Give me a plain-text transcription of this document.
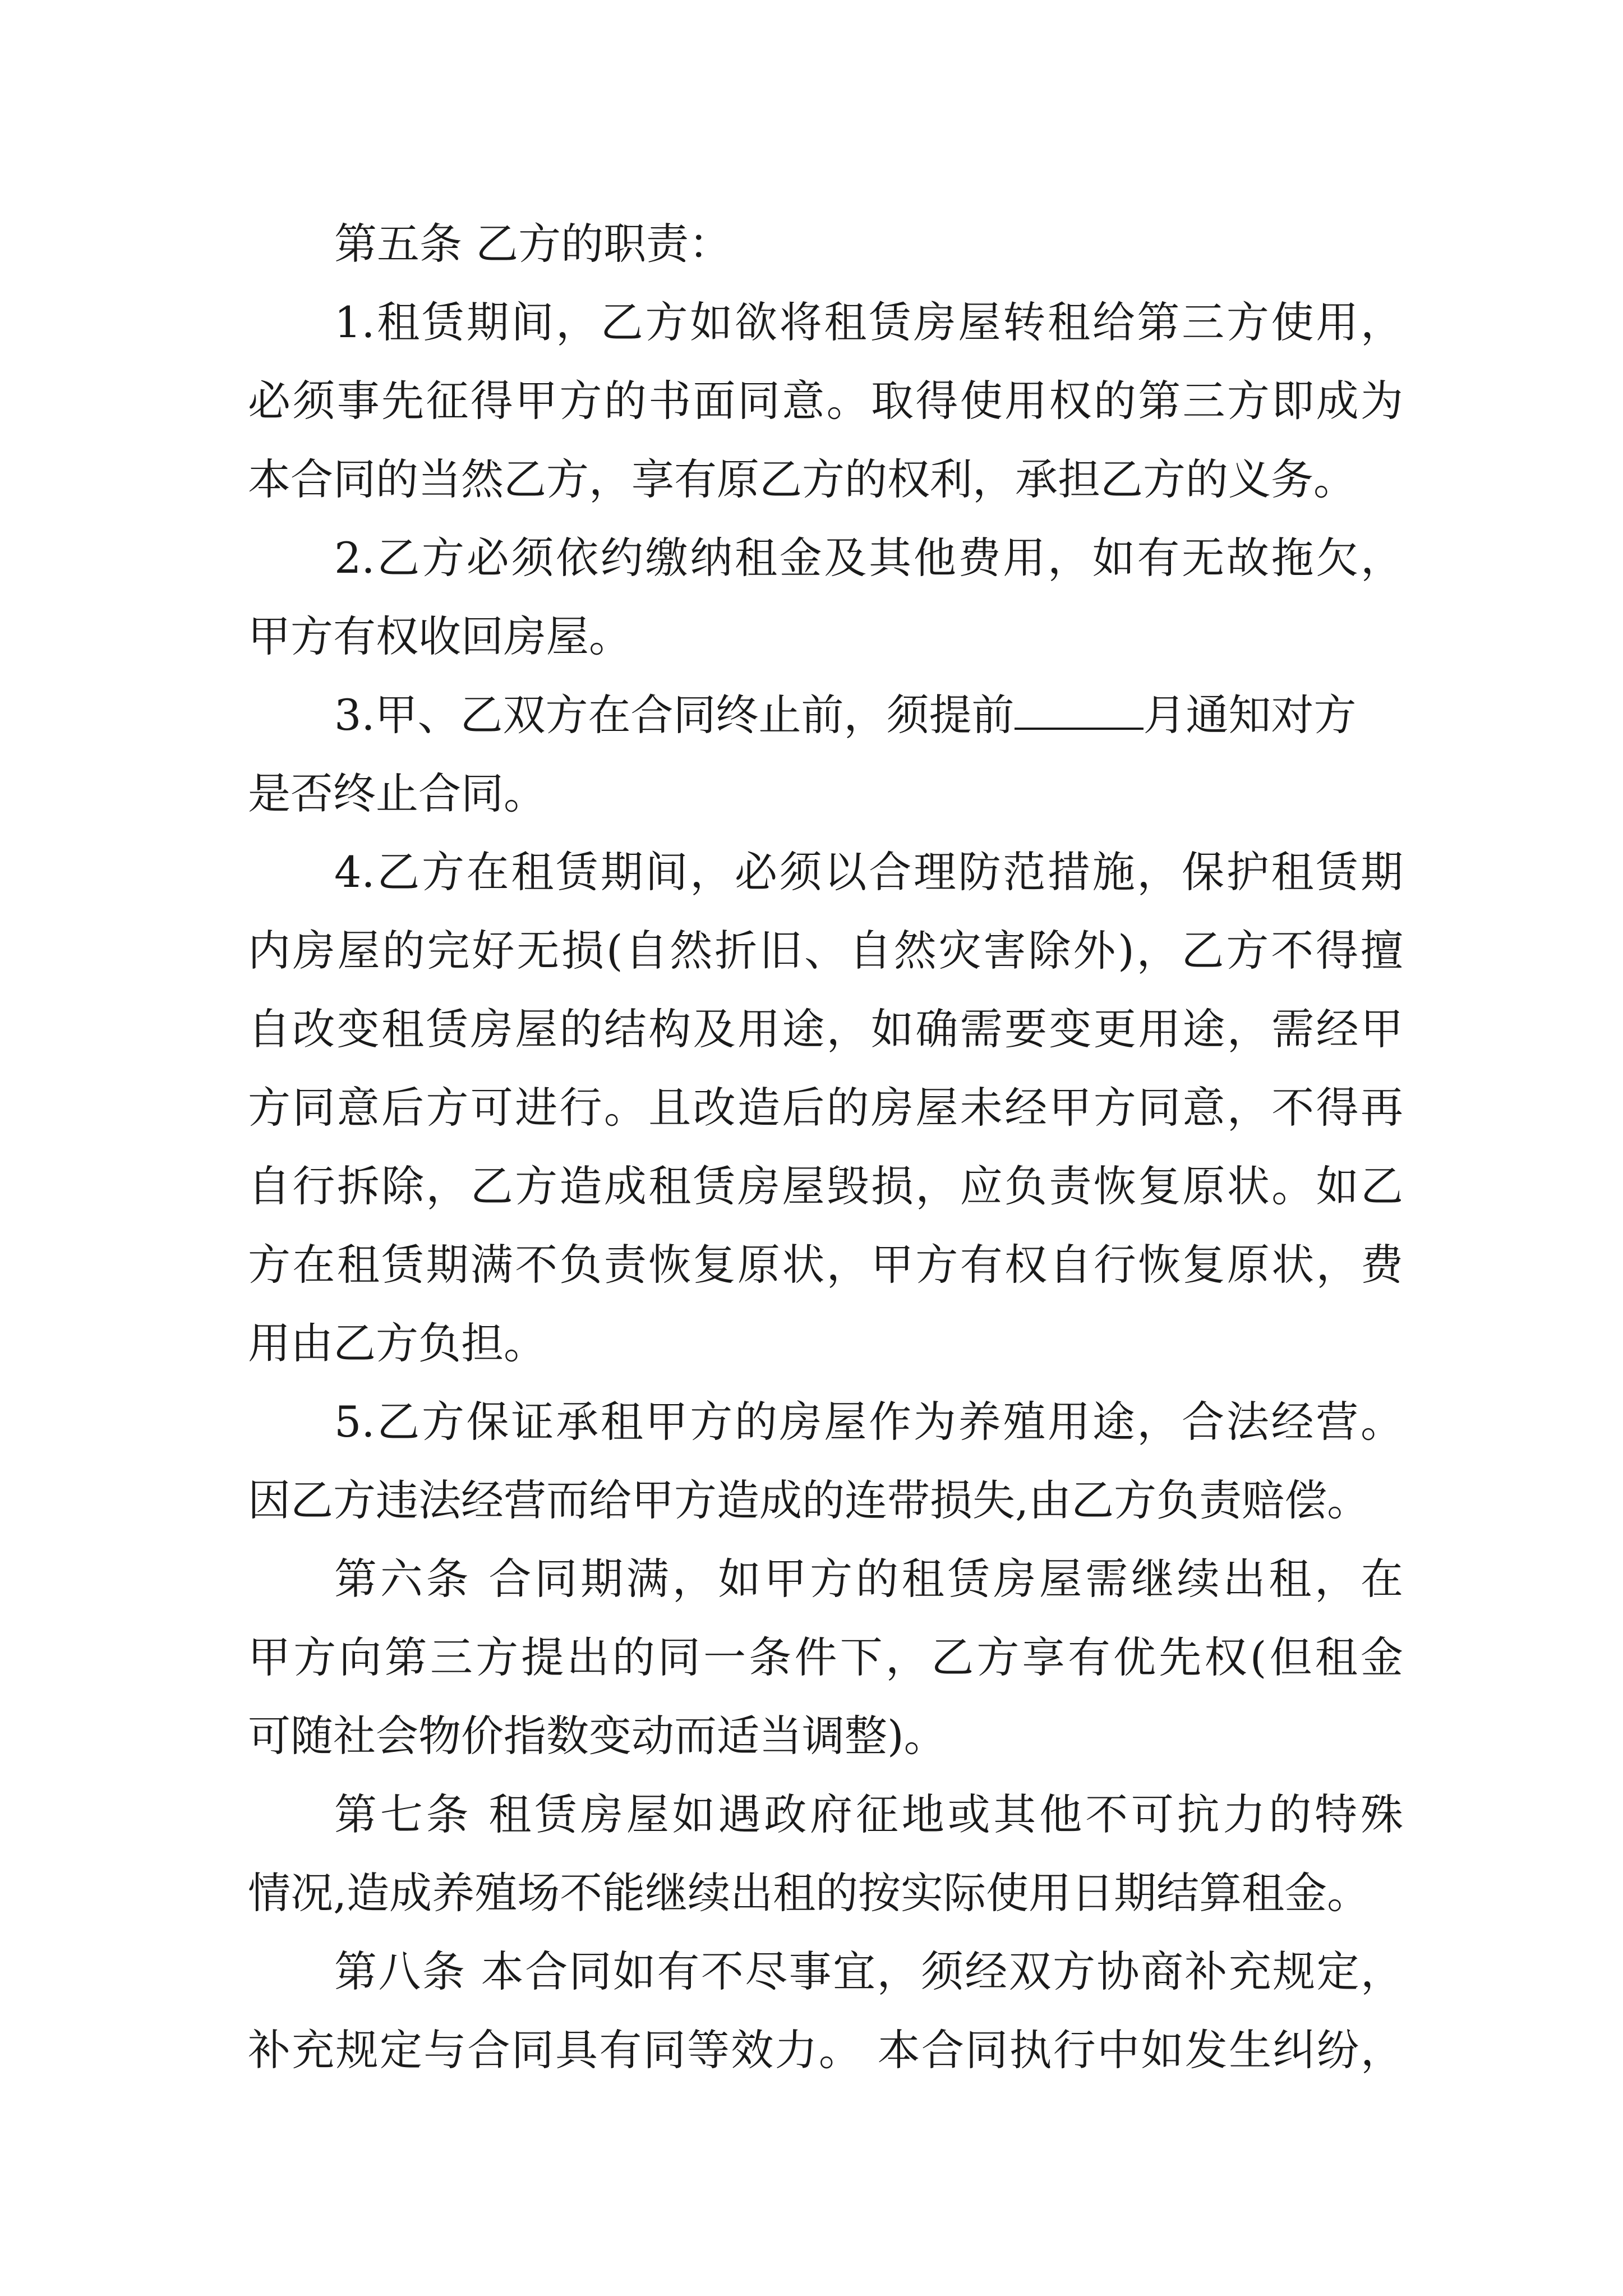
第五条 乙方的职责：
1.租赁期间，乙方如欲将租赁房屋转租给第三方使用，
必须事先征得甲方的书面同意。取得使用权的第三方即成为
本合同的当然乙方，享有原乙方的权利，承担乙方的义务。
2.乙方必须依约缴纳租金及其他费用，如有无故拖欠，
甲方有权收回房屋。
3.甲、乙双方在合同终止前，须提前	月通知对方
是否终止合同。
4.乙方在租赁期间，必须以合理防范措施，保护租赁期
内房屋的完好无损(自然折旧、自然灾害除外)，乙方不得擅
自改变租赁房屋的结构及用途，如确需要变更用途，需经甲
方同意后方可进行。且改造后的房屋未经甲方同意，不得再
自行拆除，乙方造成租赁房屋毁损，应负责恢复原状。如乙
方在租赁期满不负责恢复原状，甲方有权自行恢复原状，费
用由乙方负担。
5.乙方保证承租甲方的房屋作为养殖用途，合法经营。
因乙方违法经营而给甲方造成的连带损失,由乙方负责赔偿。
第六条 合同期满，如甲方的租赁房屋需继续出租，在
甲方向第三方提出的同一条件下，乙方享有优先权(但租金
可随社会物价指数变动而适当调整)。
第七条 租赁房屋如遇政府征地或其他不可抗力的特殊
情况,造成养殖场不能继续出租的按实际使用日期结算租金。
第八条 本合同如有不尽事宜，须经双方协商补充规定，
补充规定与合同具有同等效力。 本合同执行中如发生纠纷，
